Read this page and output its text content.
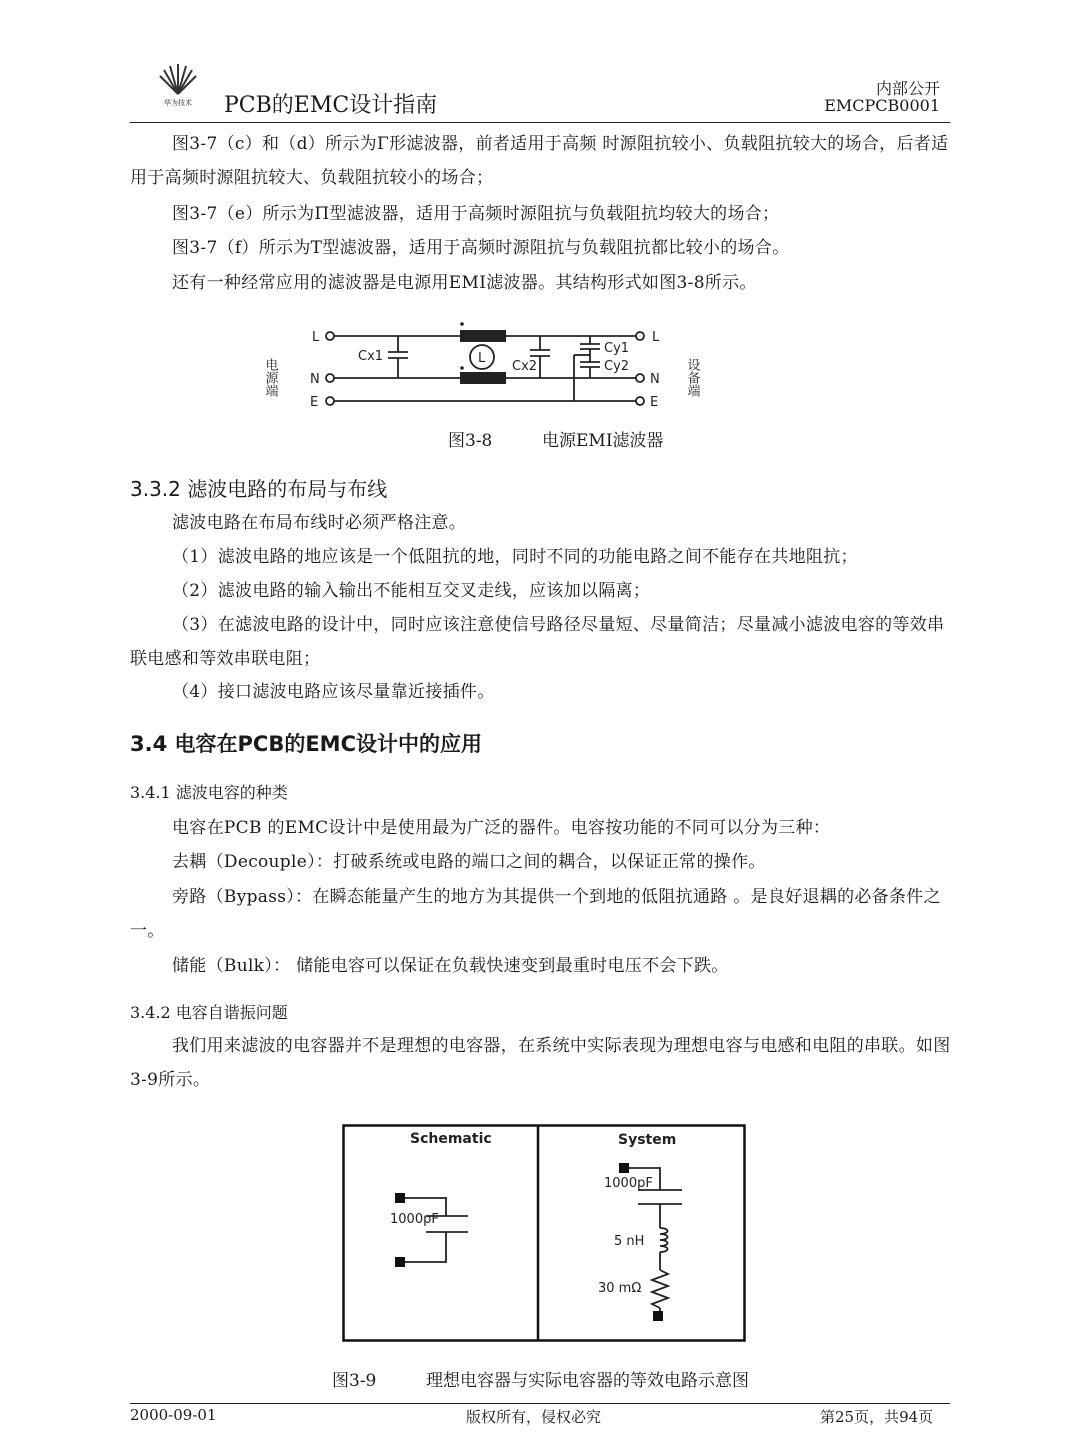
华为技术 PCB的EMC设计指南
内部公开
EMCPCB0001
图3-7（c）和（d）所示为Γ形滤波器，前者适用于高频 时源阻抗较小、负载阻抗较大的场合，后者适用于高频时源阻抗较大、负载阻抗较小的场合；
图3-7（e）所示为Π型滤波器，适用于高频时源阻抗与负载阻抗均较大的场合；
图3-7（f）所示为T型滤波器，适用于高频时源阻抗与负载阻抗都比较小的场合。
还有一种经常应用的滤波器是电源用EMI滤波器。其结构形式如图3-8所示。
电源端	设备端
L
N
E
L
N
E
Cx1
Cx2
Cy1
Cy2
L
图3-8	电源EMI滤波器
3.3.2 滤波电路的布局与布线
滤波电路在布局布线时必须严格注意。
（1）滤波电路的地应该是一个低阻抗的地，同时不同的功能电路之间不能存在共地阻抗；
（2）滤波电路的输入输出不能相互交叉走线，应该加以隔离；
（3）在滤波电路的设计中，同时应该注意使信号路径尽量短、尽量简洁；尽量减小滤波电容的等效串联电感和等效串联电阻；
（4）接口滤波电路应该尽量靠近接插件。
3.4 电容在PCB的EMC设计中的应用
3.4.1 滤波电容的种类
电容在PCB 的EMC设计中是使用最为广泛的器件。电容按功能的不同可以分为三种：
去耦（Decouple）：打破系统或电路的端口之间的耦合，以保证正常的操作。
旁路（Bypass）：在瞬态能量产生的地方为其提供一个到地的低阻抗通路 。是良好退耦的必备条件之一。
储能（Bulk）： 储能电容可以保证在负载快速变到最重时电压不会下跌。
3.4.2 电容自谐振问题
我们用来滤波的电容器并不是理想的电容器，在系统中实际表现为理想电容与电感和电阻的串联。如图3-9所示。
Schematic	System
1000pF
1000pF
5 nH
30 mΩ
图3-9	理想电容器与实际电容器的等效电路示意图
2000-09-01	版权所有，侵权必究	第25页，共94页
